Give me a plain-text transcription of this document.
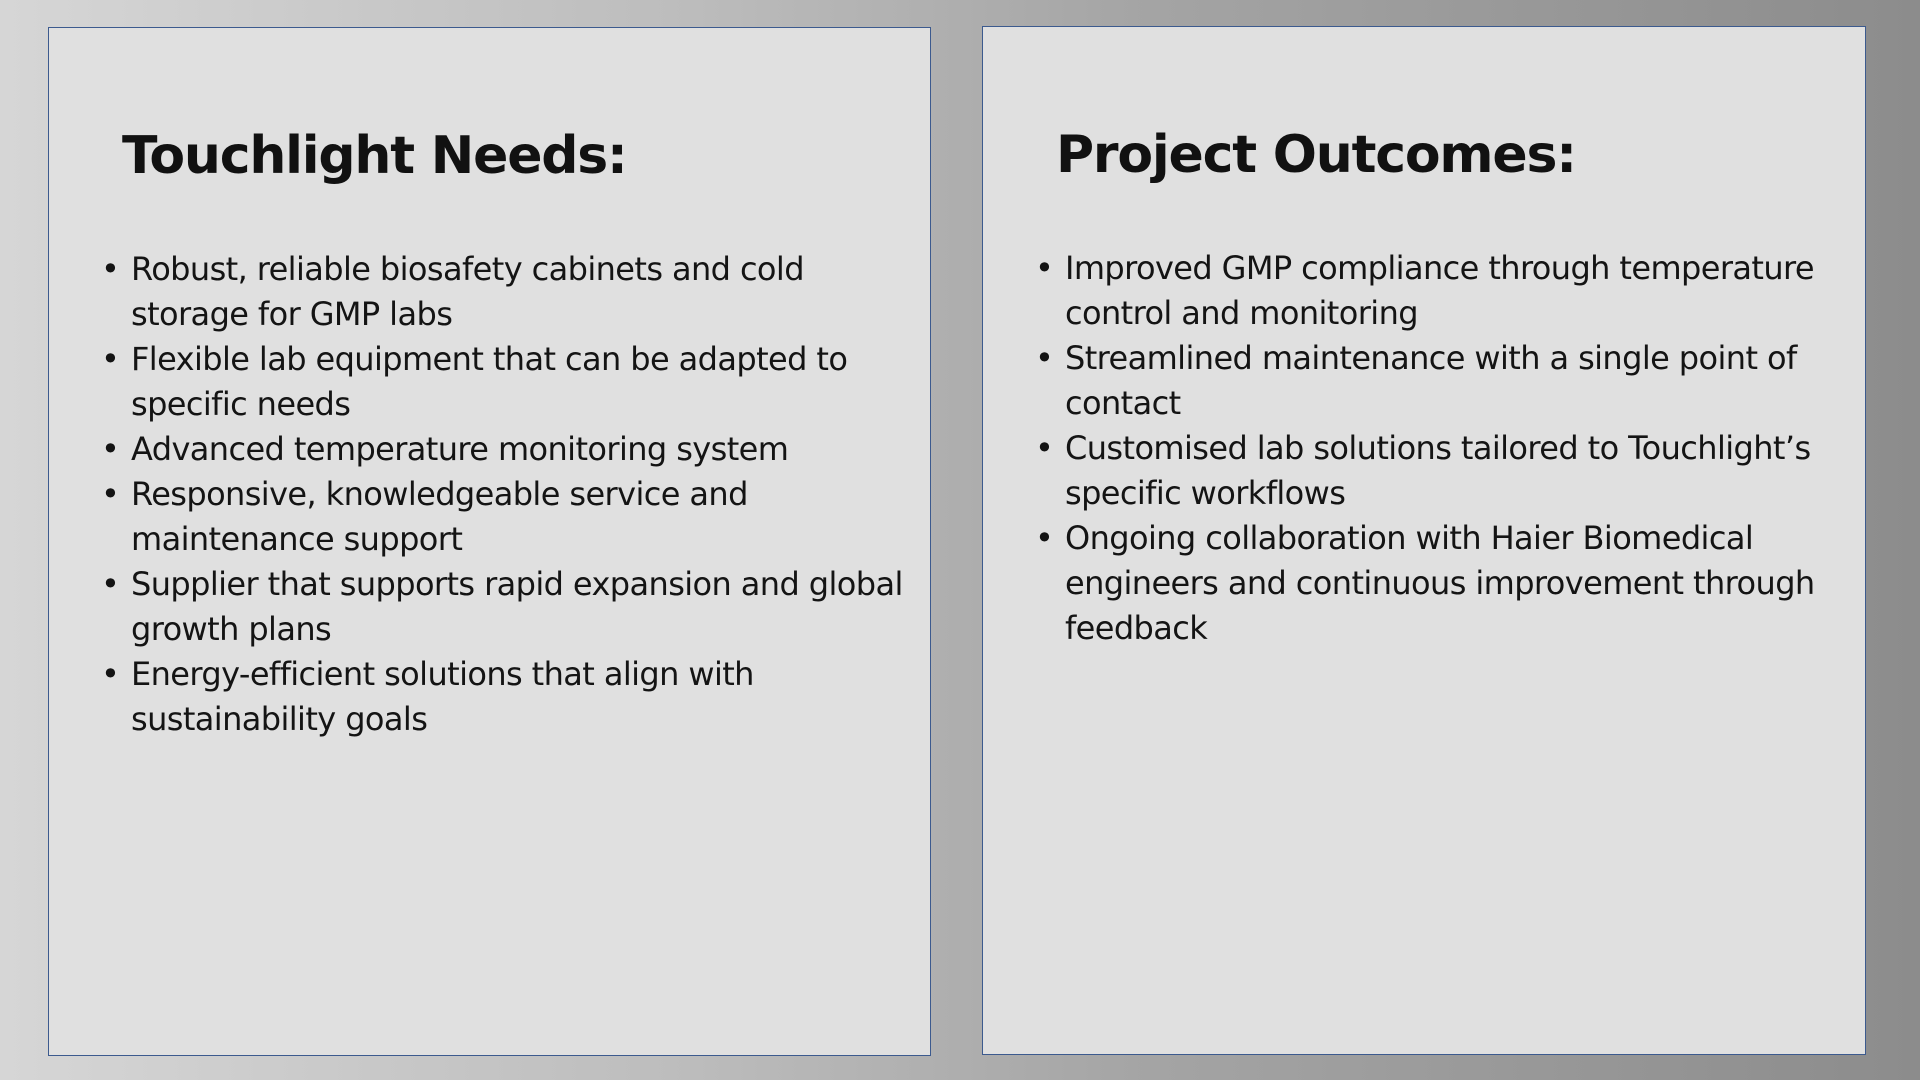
Touchlight Needs:
• Robust, reliable biosafety cabinets and cold storage for GMP labs
• Flexible lab equipment that can be adapted to specific needs
• Advanced temperature monitoring system
• Responsive, knowledgeable service and maintenance support
• Supplier that supports rapid expansion and global growth plans
• Energy-efficient solutions that align with sustainability goals
Project Outcomes:
• Improved GMP compliance through temperature control and monitoring
• Streamlined maintenance with a single point of contact
• Customised lab solutions tailored to Touchlight’s specific workflows
• Ongoing collaboration with Haier Biomedical engineers and continuous improvement through feedback
